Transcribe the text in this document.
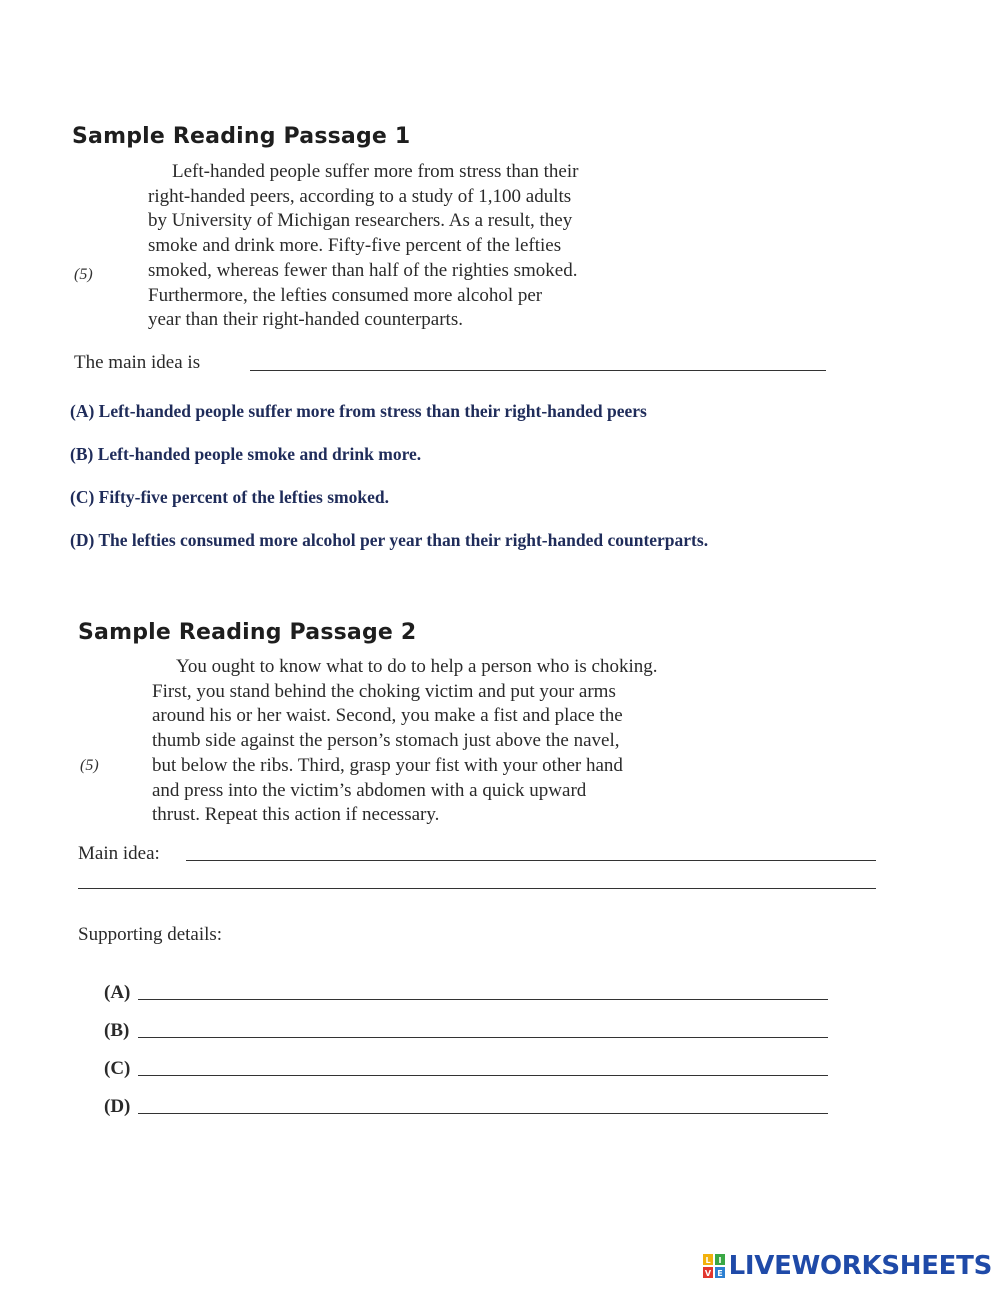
Sample Reading Passage 1
Left-handed people suffer more from stress than their
right-handed peers, according to a study of 1,100 adults
by University of Michigan researchers. As a result, they
smoke and drink more. Fifty-five percent of the lefties
smoked, whereas fewer than half of the righties smoked.
Furthermore, the lefties consumed more alcohol per
year than their right-handed counterparts.
(5)
The main idea is
(A) Left-handed people suffer more from stress than their right-handed peers
(B) Left-handed people smoke and drink more.
(C) Fifty-five percent of the lefties smoked.
(D) The lefties consumed more alcohol per year than their right-handed counterparts.
Sample Reading Passage 2
You ought to know what to do to help a person who is choking.
First, you stand behind the choking victim and put your arms
around his or her waist. Second, you make a fist and place the
thumb side against the person’s stomach just above the navel,
but below the ribs. Third, grasp your fist with your other hand
and press into the victim’s abdomen with a quick upward
thrust. Repeat this action if necessary.
(5)
Main idea:
Supporting details:
(A)
(B)
(C)
(D)
L I
V E LIVEWORKSHEETS
